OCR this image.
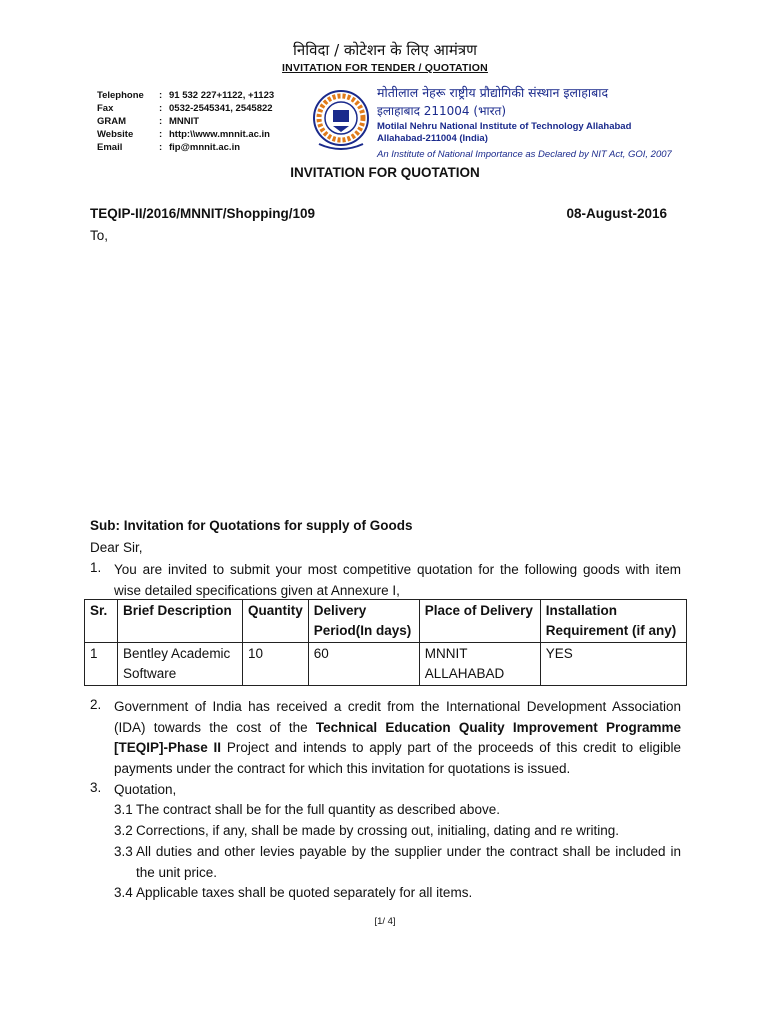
निविदा / कोटेशन के लिए आमंत्रण
INVITATION FOR TENDER / QUOTATION
Telephone	: 91 532 227+1122, +1123
Fax	: 0532-2545341, 2545822
GRAM	: MNNIT
Website	: http:\\www.mnnit.ac.in
Email	: fip@mnnit.ac.in
मोतीलाल नेहरू राष्ट्रीय प्रौद्योगिकी संस्थान इलाहाबाद
इलाहाबाद 211004 (भारत)
Motilal Nehru National Institute of Technology Allahabad
Allahabad-211004 (India)
An Institute of National Importance as Declared by NIT Act, GOI, 2007
INVITATION FOR QUOTATION
TEQIP-II/2016/MNNIT/Shopping/109	08-August-2016
To,
Sub: Invitation for Quotations for supply of Goods
Dear Sir,
1. You are invited to submit your most competitive quotation for the following goods with item wise detailed specifications given at Annexure I,
Sr.	Brief Description	Quantity	Delivery Period(In days)	Place of Delivery	Installation Requirement (if any)
1	Bentley Academic Software	10	60	MNNIT ALLAHABAD	YES
2. Government of India has received a credit from the International Development Association (IDA) towards the cost of the Technical Education Quality Improvement Programme [TEQIP]-Phase II Project and intends to apply part of the proceeds of this credit to eligible payments under the contract for which this invitation for quotations is issued.
3. Quotation,
3.1 The contract shall be for the full quantity as described above.
3.2 Corrections, if any, shall be made by crossing out, initialing, dating and re writing.
3.3 All duties and other levies payable by the supplier under the contract shall be included in the unit price.
3.4 Applicable taxes shall be quoted separately for all items.
[1/ 4]
